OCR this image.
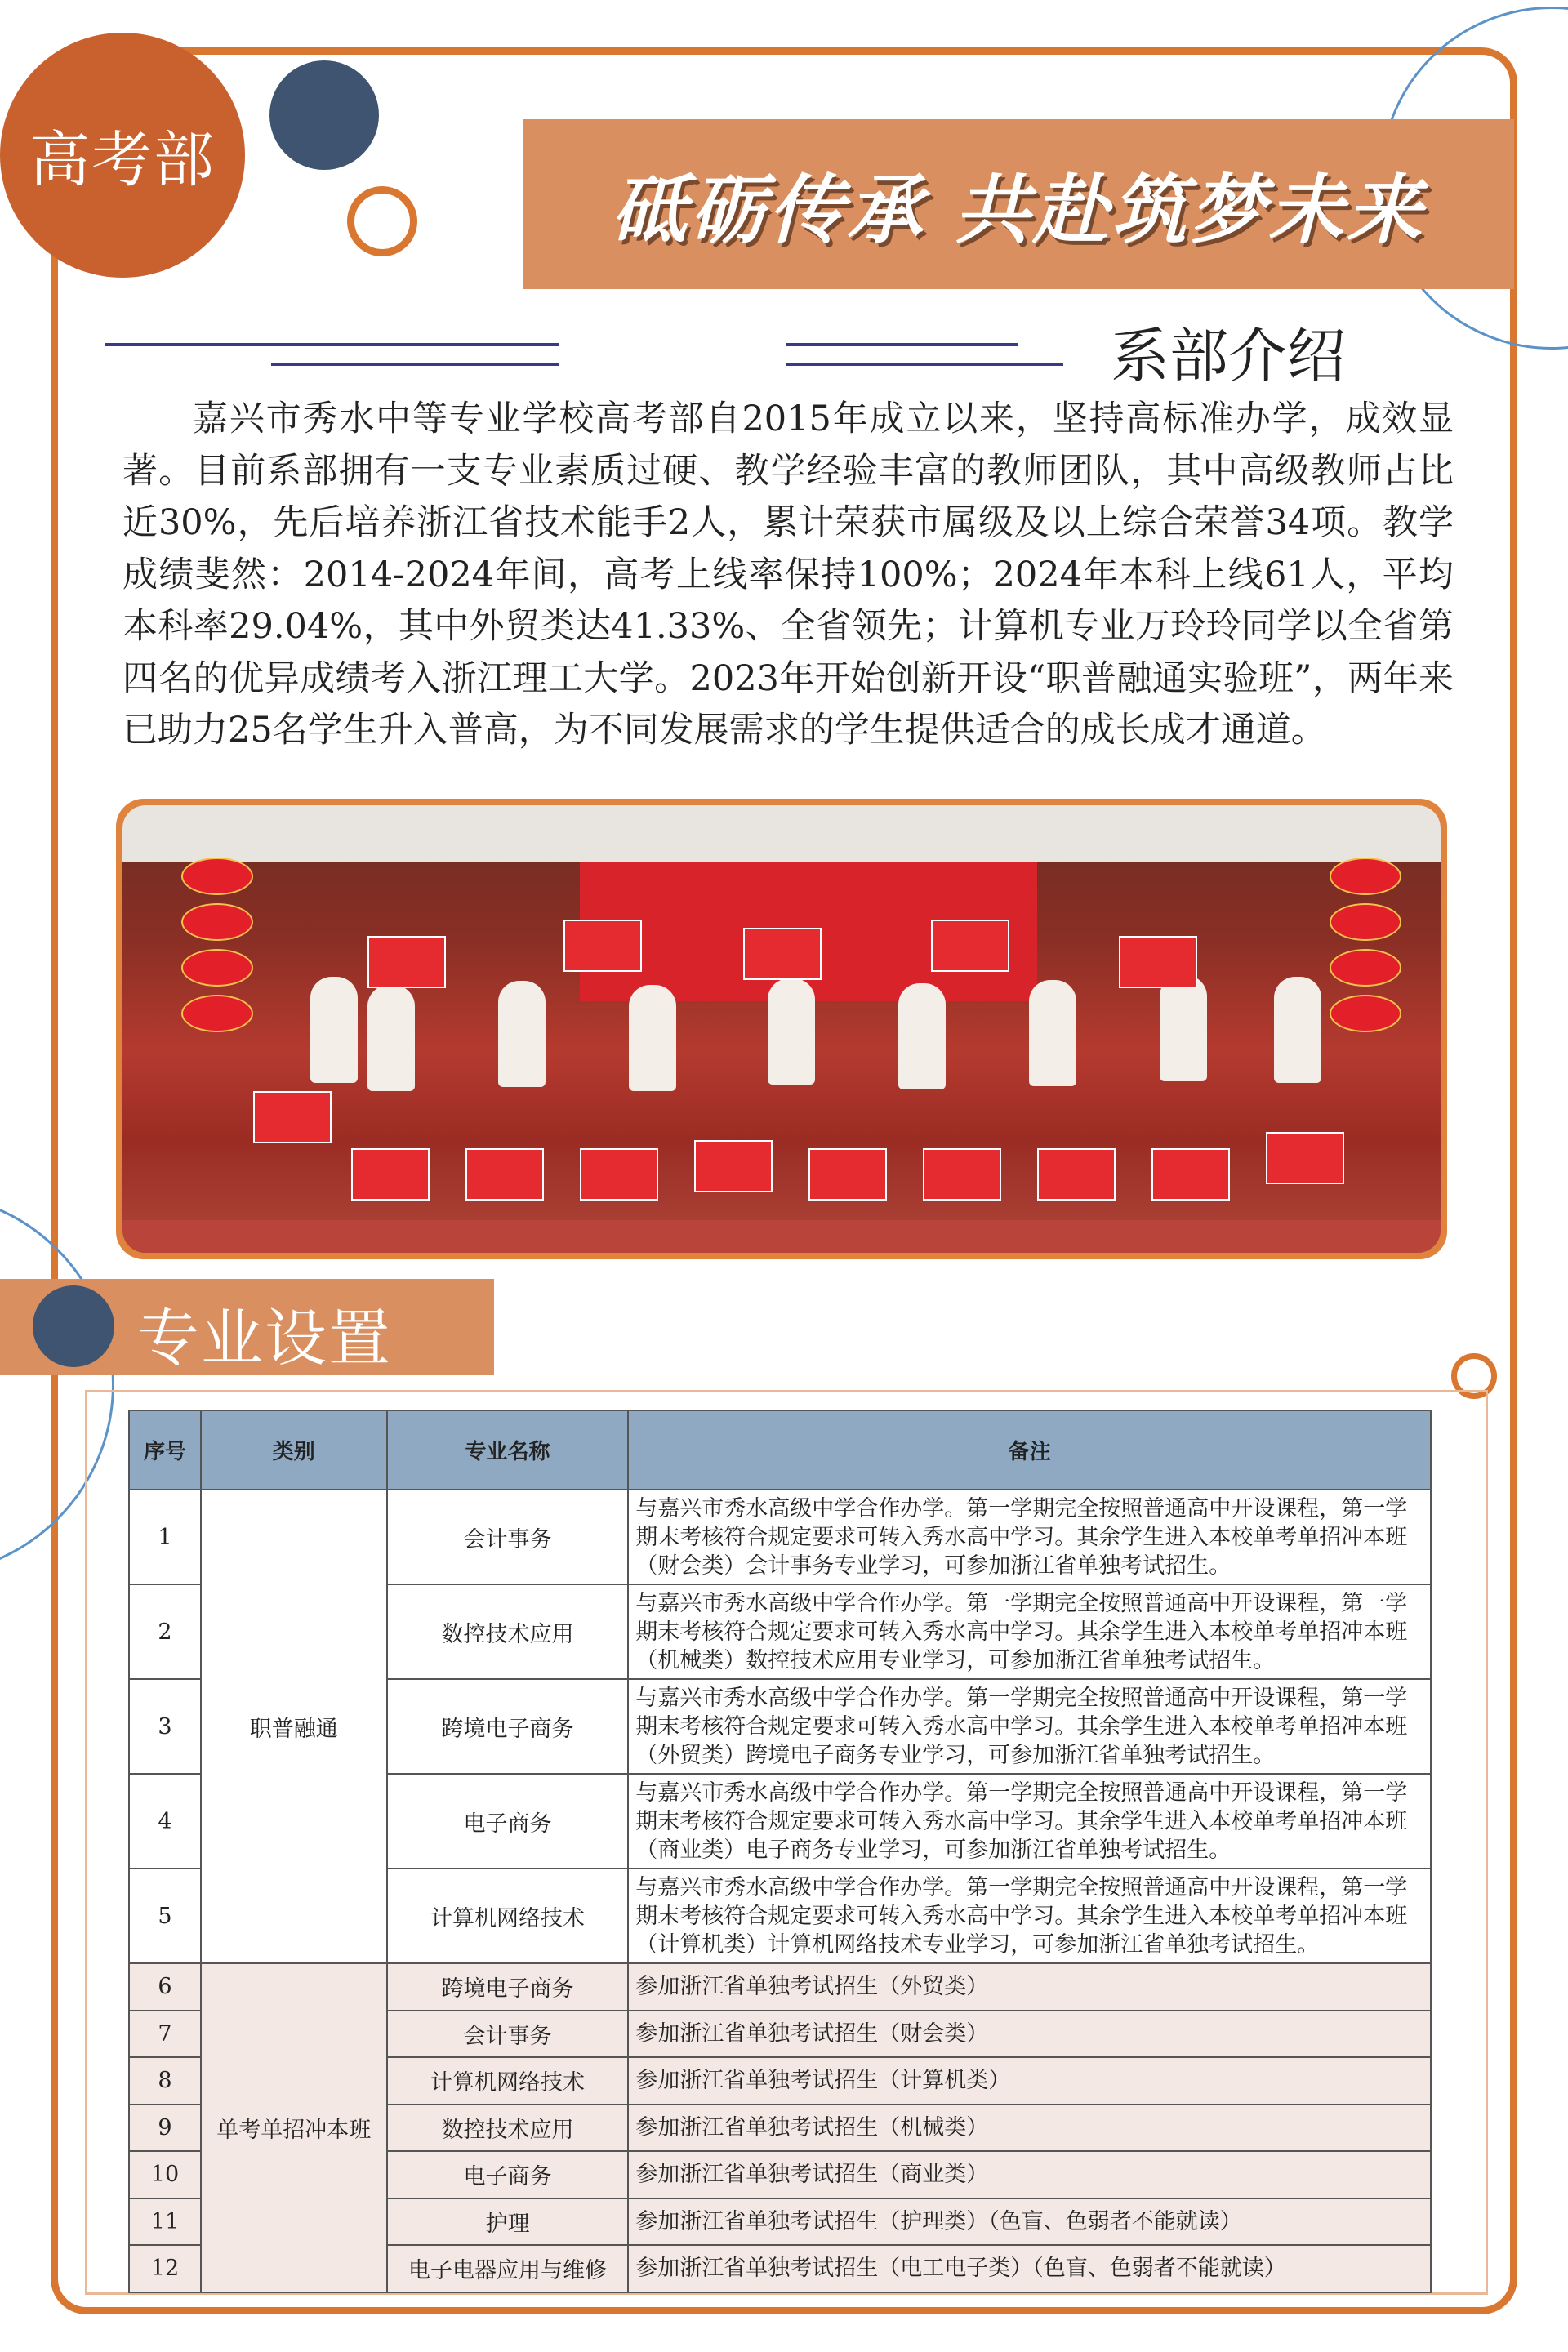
高考部
砥砺传承 共赴筑梦未来
系部介绍

嘉兴市秀水中等专业学校高考部自2015年成立以来，坚持高标准办学，成效显著。目前系部拥有一支专业素质过硬、教学经验丰富的教师团队，其中高级教师占比近30%，先后培养浙江省技术能手2人，累计荣获市属级及以上综合荣誉34项。教学成绩斐然：2014-2024年间，高考上线率保持100%；2024年本科上线61人，平均本科率29.04%，其中外贸类达41.33%、全省领先；计算机专业万玲玲同学以全省第四名的优异成绩考入浙江理工大学。2023年开始创新开设“职普融通实验班”，两年来已助力25名学生升入普高，为不同发展需求的学生提供适合的成长成才通道。

专业设置
序号	类别	专业名称	备注
1	职普融通	会计事务	与嘉兴市秀水高级中学合作办学。第一学期完全按照普通高中开设课程，第一学期末考核符合规定要求可转入秀水高中学习。其余学生进入本校单考单招冲本班（财会类）会计事务专业学习，可参加浙江省单独考试招生。
2		数控技术应用	与嘉兴市秀水高级中学合作办学。第一学期完全按照普通高中开设课程，第一学期末考核符合规定要求可转入秀水高中学习。其余学生进入本校单考单招冲本班（机械类）数控技术应用专业学习，可参加浙江省单独考试招生。
3		跨境电子商务	与嘉兴市秀水高级中学合作办学。第一学期完全按照普通高中开设课程，第一学期末考核符合规定要求可转入秀水高中学习。其余学生进入本校单考单招冲本班（外贸类）跨境电子商务专业学习，可参加浙江省单独考试招生。
4		电子商务	与嘉兴市秀水高级中学合作办学。第一学期完全按照普通高中开设课程，第一学期末考核符合规定要求可转入秀水高中学习。其余学生进入本校单考单招冲本班（商业类）电子商务专业学习，可参加浙江省单独考试招生。
5		计算机网络技术	与嘉兴市秀水高级中学合作办学。第一学期完全按照普通高中开设课程，第一学期末考核符合规定要求可转入秀水高中学习。其余学生进入本校单考单招冲本班（计算机类）计算机网络技术专业学习，可参加浙江省单独考试招生。
6	单考单招冲本班	跨境电子商务	参加浙江省单独考试招生（外贸类）
7		会计事务	参加浙江省单独考试招生（财会类）
8		计算机网络技术	参加浙江省单独考试招生（计算机类）
9		数控技术应用	参加浙江省单独考试招生（机械类）
10		电子商务	参加浙江省单独考试招生（商业类）
11		护理	参加浙江省单独考试招生（护理类）（色盲、色弱者不能就读）
12		电子电器应用与维修	参加浙江省单独考试招生（电工电子类）（色盲、色弱者不能就读）
